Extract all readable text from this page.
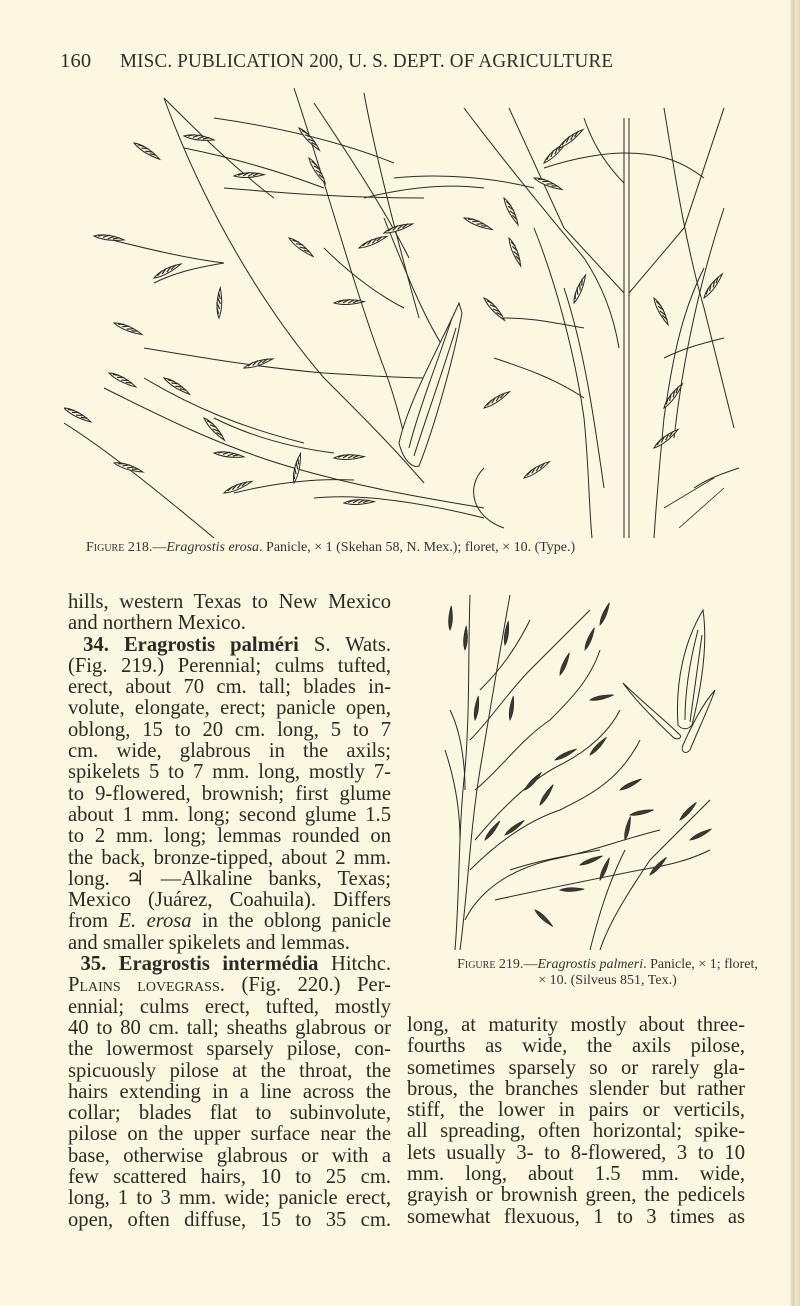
160 MISC. PUBLICATION 200, U. S. DEPT. OF AGRICULTURE
Figure 218.—Eragrostis erosa. Panicle, × 1 (Skehan 58, N. Mex.); floret, × 10. (Type.)
Figure 219.—Eragrostis palmeri. Panicle, × 1; floret,
× 10. (Silveus 851, Tex.)
hills, western Texas to New Mexico
and northern Mexico.
34. Eragrostis palméri S. Wats.
(Fig. 219.) Perennial; culms tufted,
erect, about 70 cm. tall; blades in-
volute, elongate, erect; panicle open,
oblong, 15 to 20 cm. long, 5 to 7
cm. wide, glabrous in the axils;
spikelets 5 to 7 mm. long, mostly 7-
to 9-flowered, brownish; first glume
about 1 mm. long; second glume 1.5
to 2 mm. long; lemmas rounded on
the back, bronze-tipped, about 2 mm.
long. ♃ —Alkaline banks, Texas;
Mexico (Juárez, Coahuila). Differs
from E. erosa in the oblong panicle
and smaller spikelets and lemmas.
35. Eragrostis intermédia Hitchc.
Plains lovegrass. (Fig. 220.) Per-
ennial; culms erect, tufted, mostly
40 to 80 cm. tall; sheaths glabrous or
the lowermost sparsely pilose, con-
spicuously pilose at the throat, the
hairs extending in a line across the
collar; blades flat to subinvolute,
pilose on the upper surface near the
base, otherwise glabrous or with a
few scattered hairs, 10 to 25 cm.
long, 1 to 3 mm. wide; panicle erect,
open, often diffuse, 15 to 35 cm.
long, at maturity mostly about three-
fourths as wide, the axils pilose,
sometimes sparsely so or rarely gla-
brous, the branches slender but rather
stiff, the lower in pairs or verticils,
all spreading, often horizontal; spike-
lets usually 3- to 8-flowered, 3 to 10
mm. long, about 1.5 mm. wide,
grayish or brownish green, the pedicels
somewhat flexuous, 1 to 3 times as
